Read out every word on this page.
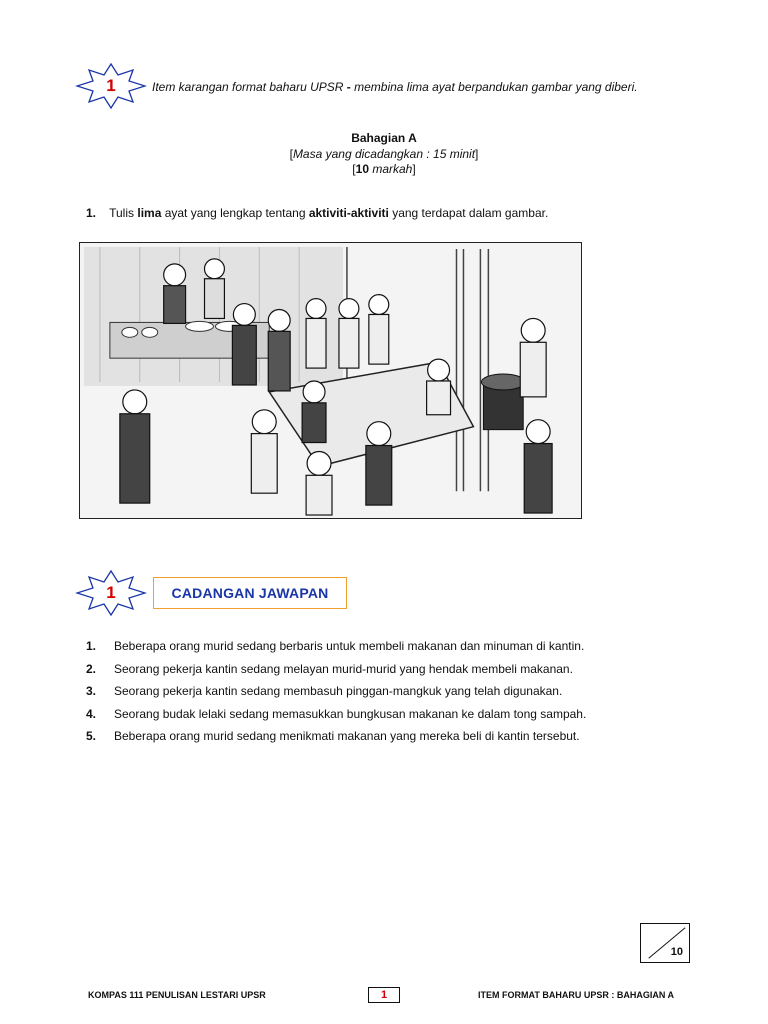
1	Item karangan format baharu UPSR - membina lima ayat berpandukan gambar yang diberi.
Bahagian A
[Masa yang dicadangkan : 15 minit]
[10 markah]
1. Tulis lima ayat yang lengkap tentang aktiviti-aktiviti yang terdapat dalam gambar.
1	CADANGAN JAWAPAN
1. Beberapa orang murid sedang berbaris untuk membeli makanan dan minuman di kantin.
2. Seorang pekerja kantin sedang melayan murid-murid yang hendak membeli makanan.
3. Seorang pekerja kantin sedang membasuh pinggan-mangkuk yang telah digunakan.
4. Seorang budak lelaki sedang memasukkan bungkusan makanan ke dalam tong sampah.
5. Beberapa orang murid sedang menikmati makanan yang mereka beli di kantin tersebut.
10
KOMPAS 111 PENULISAN LESTARI UPSR	1	ITEM FORMAT BAHARU UPSR : BAHAGIAN A
